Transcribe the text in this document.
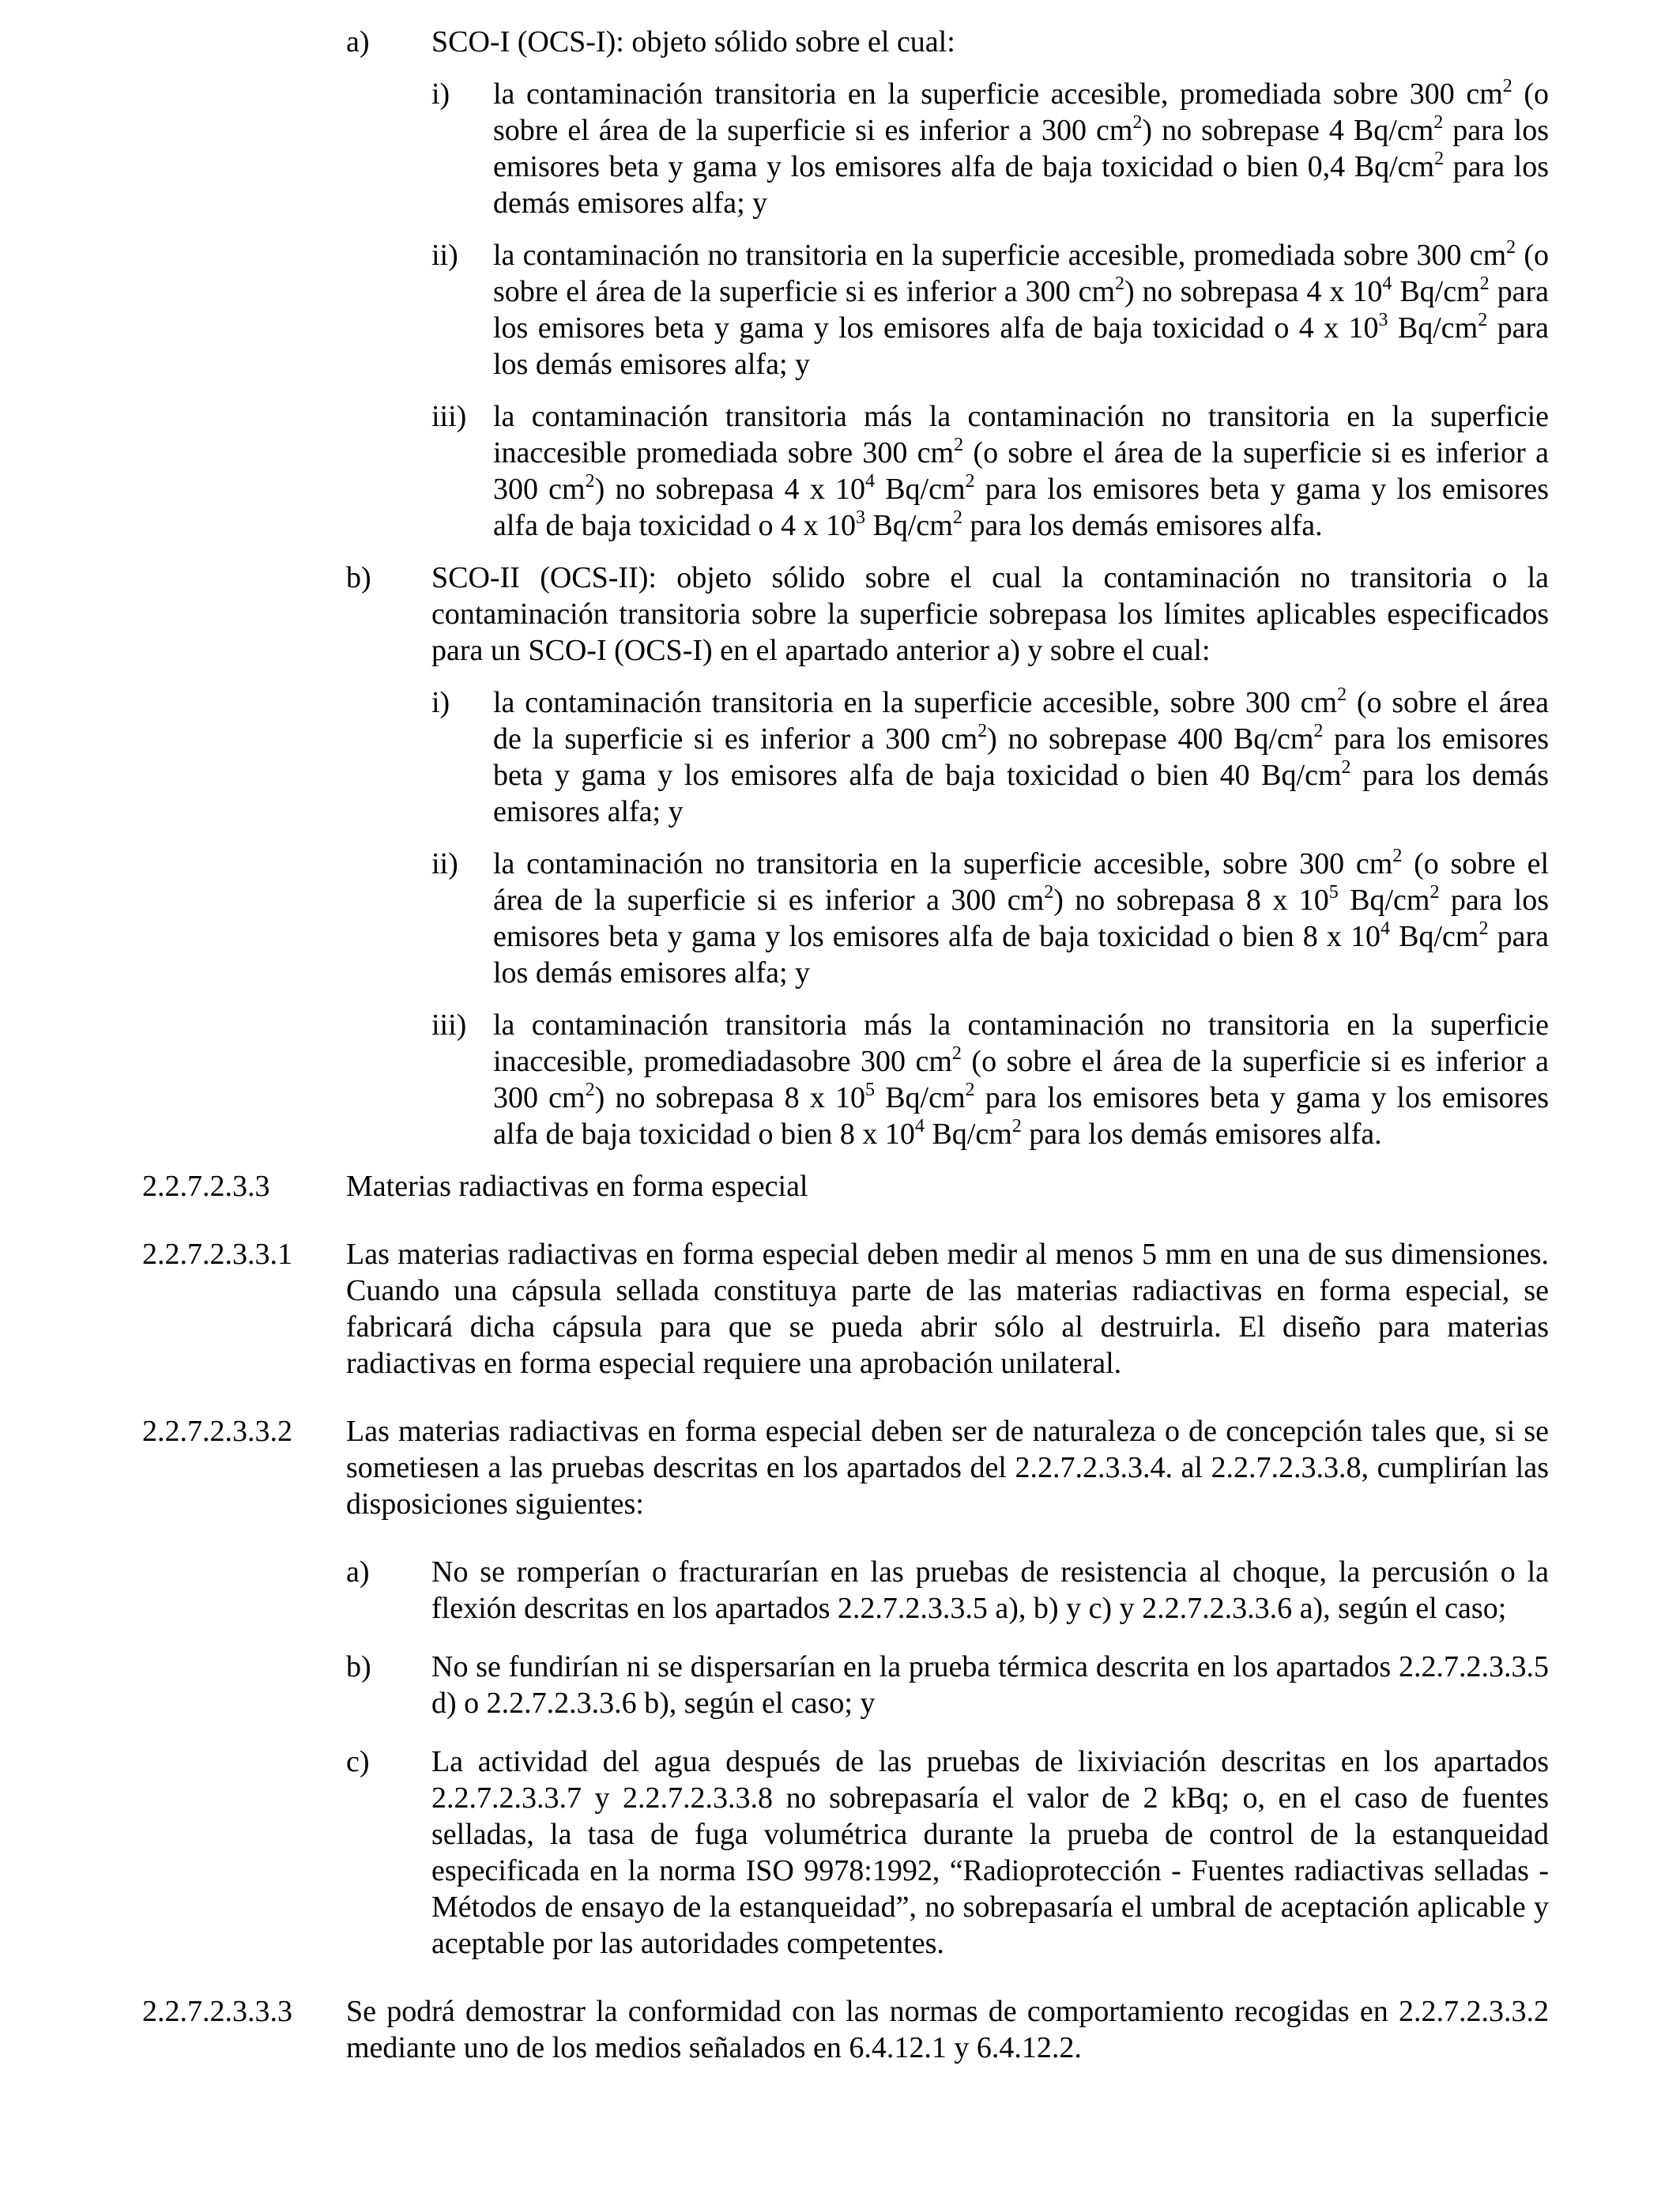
a)	SCO-I (OCS-I): objeto sólido sobre el cual:
i)	la contaminación transitoria en la superficie accesible, promediada sobre 300 $cm^2$ (o sobre el área de la superficie si es inferior a 300 $cm^2$) no sobrepase 4 $Bq/cm^2$ para los emisores beta y gama y los emisores alfa de baja toxicidad o bien 0,4 $Bq/cm^2$ para los demás emisores alfa; y
ii)	la contaminación no transitoria en la superficie accesible, promediada sobre 300 $cm^2$ (o sobre el área de la superficie si es inferior a 300 $cm^2$) no sobrepasa 4 x $10^4$ $Bq/cm^2$ para los emisores beta y gama y los emisores alfa de baja toxicidad o 4 x $10^3$ $Bq/cm^2$ para los demás emisores alfa; y
iii) la contaminación transitoria más la contaminación no transitoria en la superficie inaccesible promediada sobre 300 $cm^2$ (o sobre el área de la superficie si es inferior a 300 $cm^2$) no sobrepasa 4 x $10^4$ $Bq/cm^2$ para los emisores beta y gama y los emisores alfa de baja toxicidad o 4 x $10^3$ $Bq/cm^2$ para los demás emisores alfa.
b)	SCO-II (OCS-II): objeto sólido sobre el cual la contaminación no transitoria o la contaminación transitoria sobre la superficie sobrepasa los límites aplicables especificados para un SCO-I (OCS-I) en el apartado anterior a) y sobre el cual:
i)	la contaminación transitoria en la superficie accesible, sobre 300 $cm^2$ (o sobre el área de la superficie si es inferior a 300 $cm^2$) no sobrepase 400 $Bq/cm^2$ para los emisores beta y gama y los emisores alfa de baja toxicidad o bien 40 $Bq/cm^2$ para los demás emisores alfa; y
ii)	la contaminación no transitoria en la superficie accesible, sobre 300 $cm^2$ (o sobre el área de la superficie si es inferior a 300 $cm^2$) no sobrepasa 8 x $10^5$ $Bq/cm^2$ para los emisores beta y gama y los emisores alfa de baja toxicidad o bien 8 x $10^4$ $Bq/cm^2$ para los demás emisores alfa; y
iii) la contaminación transitoria más la contaminación no transitoria en la superficie inaccesible, promediadasobre 300 $cm^2$ (o sobre el área de la superficie si es inferior a 300 $cm^2$) no sobrepasa 8 x $10^5$ $Bq/cm^2$ para los emisores beta y gama y los emisores alfa de baja toxicidad o bien 8 x $10^4$ $Bq/cm^2$ para los demás emisores alfa.
2.2.7.2.3.3	Materias radiactivas en forma especial
2.2.7.2.3.3.1	Las materias radiactivas en forma especial deben medir al menos 5 mm en una de sus dimensiones. Cuando una cápsula sellada constituya parte de las materias radiactivas en forma especial, se fabricará dicha cápsula para que se pueda abrir sólo al destruirla. El diseño para materias radiactivas en forma especial requiere una aprobación unilateral.
2.2.7.2.3.3.2	Las materias radiactivas en forma especial deben ser de naturaleza o de concepción tales que, si se sometiesen a las pruebas descritas en los apartados del 2.2.7.2.3.3.4. al 2.2.7.2.3.3.8, cumplirían las disposiciones siguientes:
a)	No se romperían o fracturarían en las pruebas de resistencia al choque, la percusión o la flexión descritas en los apartados 2.2.7.2.3.3.5 a), b) y c) y 2.2.7.2.3.3.6 a), según el caso;
b)	No se fundirían ni se dispersarían en la prueba térmica descrita en los apartados 2.2.7.2.3.3.5 d) o 2.2.7.2.3.3.6 b), según el caso; y
c)	La actividad del agua después de las pruebas de lixiviación descritas en los apartados 2.2.7.2.3.3.7 y 2.2.7.2.3.3.8 no sobrepasaría el valor de 2 kBq; o, en el caso de fuentes selladas, la tasa de fuga volumétrica durante la prueba de control de la estanqueidad especificada en la norma ISO 9978:1992, “Radioprotección - Fuentes radiactivas selladas - Métodos de ensayo de la estanqueidad”, no sobrepasaría el umbral de aceptación aplicable y aceptable por las autoridades competentes.
2.2.7.2.3.3.3	Se podrá demostrar la conformidad con las normas de comportamiento recogidas en 2.2.7.2.3.3.2 mediante uno de los medios señalados en 6.4.12.1 y 6.4.12.2.
